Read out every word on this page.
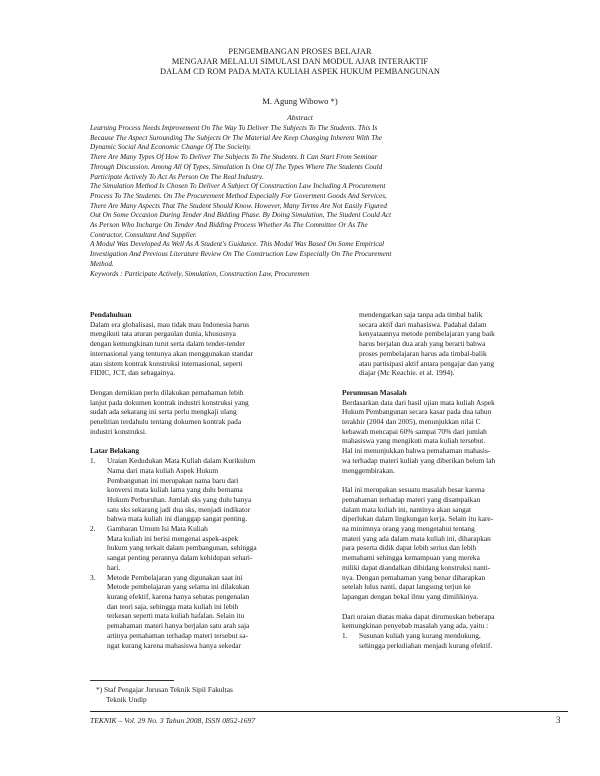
PENGEMBANGAN PROSES BELAJAR
MENGAJAR MELALUI SIMULASI DAN MODUL AJAR INTERAKTIF
DALAM CD ROM PADA MATA KULIAH ASPEK HUKUM PEMBANGUNAN
M. Agung Wibowo *)
Abstract

Learning Process Needs Improvement On The Way To Deliver The Subjects To The Students. This Is

Because The Aspect Surounding The Subjects Or The Material Are Keep Changing Inherent With The

Dynamic Social And Economic Change Of The Socieity.

There Are Many Types Of How To Deliver The Subjects To The Students. It Can Start From Seminar

Through Discussion. Among All Of Types, Simulation Is One Of The Types Where The Students Could

Participate Actively To Act As Person On The Real Industry.

The Simulation Method Is Chosen To Deliver A Subject Of Construction Law Including A Procurement

Process To The Students. On The Procurement Method Especially For Goverment Goods And Services,

There Are Many Aspects That The Student Should Know. However, Many Terms Are Not Easily Figured

Out On Some Occasion During Tender And Bidding Phase. By Doing Simulation, The Student Could Act

As Person Who Incharge On Tender And Bidding Process Whether As The Committee Or As The

Contractor, Consultant And Supplier.

A Modul Was Developed As Well As A Student's Guidance. This Modul Was Based On Some Empirical

Investigation And Previous Literature Review On The Construction Law Especially On The Procurement

Method.

Keywords : Participate Actively, Simulation, Construction Law, Procuremen

Pendahuluan

Dalam era globalisasi, mau tidak mau Indonesia harus

mengikuti tata aturan pergaulan dunia, khususnya

dengan kemungkinan turut serta dalam tender-tender

internasional yang tentunya akan menggunakan standar

atau sistem kontrak konstruksi internasional, seperti

FIDIC, JCT, dan sebagainya.

Dengan demikian perlu dilakukan pemahaman lebih

lanjut pada dokumen kontrak industri konstruksi yang

sudah ada sekarang ini serta perlu mengkaji ulang

penelitian terdahulu tentang dokumen kontrak pada

industri konstruksi.

Latar Belakang

1. Uraian Kedudukan Mata Kuliah dalam Kurikulum

Nama dari mata kuliah Aspek Hukum

Pembangunan ini merupakan nama baru dari

konversi mata kuliah lama yang dulu bernama

Hukum Perburuhan. Jumlah sks yang dulu hanya

satu sks sekarang jadi dua sks, menjadi indikator

bahwa mata kuliah ini dianggap sangat penting.

2. Gambaran Umum Isi Mata Kuliah

Mata kuliah ini berisi mengenai aspek-aspek

hukum yang terkait dalam pembangunan, sehingga

sangat penting perannya dalam kehidupan sehari-

hari.

3. Metode Pembelajaran yang digunakan saat ini

Metode pembelajaran yang selama ini dilakukan

kurang efektif, karena hanya sebatas pengenalan

dan teori saja, sehingga mata kuliah ini lebih

terkesan seperti mata kuliah hafalan. Selain itu

pemahaman materi hanya berjalan satu arah saja

artinya pemahaman terhadap materi tersebut sa-

ngat kurang karena mahasiswa hanya sekedar

mendengarkan saja tanpa ada timbal balik

secara aktif dari mahasiswa. Padahal dalam

kenyataannya metode pembelajaran yang baik

harus berjalan dua arah yang berarti bahwa

proses pembelajaran harus ada timbal-balik

atau partisipasi aktif antara pengajar dan yang

diajar (Mc Keachie. et al. 1994).

Perumusan Masalah

Berdasarkan data dari hasil ujian mata kuliah Aspek

Hukum Pembangunan secara kasar pada dua tahun

terakhir (2004 dan 2005), menunjukkan nilai C

kebawah mencapai 60% sampai 70% dari jumlah

mahasiswa yang mengikuti mata kuliah tersebut.

Hal ini menunjukkan bahwa pemahaman mahasis-

wa terhadap materi kuliah yang diberikan belum lah

menggembirakan.

Hal ini merupakan sesuatu masalah besar karena

pemahaman terhadap materi yang disampaikan

dalam mata kuliah ini, nantinya akan sangat

diperlukan dalam lingkungan kerja. Selain itu kare-

na minimnya orang yang mengetahui tentang

materi yang ada dalam mata kuliah ini, diharapkan

para peserta didik dapat lebih serius dan lebih

memahami sehingga kemampuan yang mereka

miliki dapat diandalkan dibidang konstruksi nanti-

nya. Dengan pemahaman yang benar diharapkan

setelah lulus nanti, dapat langsung terjun ke

lapangan dengan bekal ilmu yang dimilikinya.

Dari uraian diatas maka dapat dirumuskan beberapa

kemungkinan penyebab masalah yang ada, yaitu :

1. Susunan kuliah yang kurang mendukung,

sehingga perkuliahan menjadi kurang efektif.

*) Staf Pengajar Jurusan Teknik Sipil Fakultas

Teknik Undip

TEKNIK – Vol. 29 No. 3 Tahun 2008, ISSN 0852-1697	3
